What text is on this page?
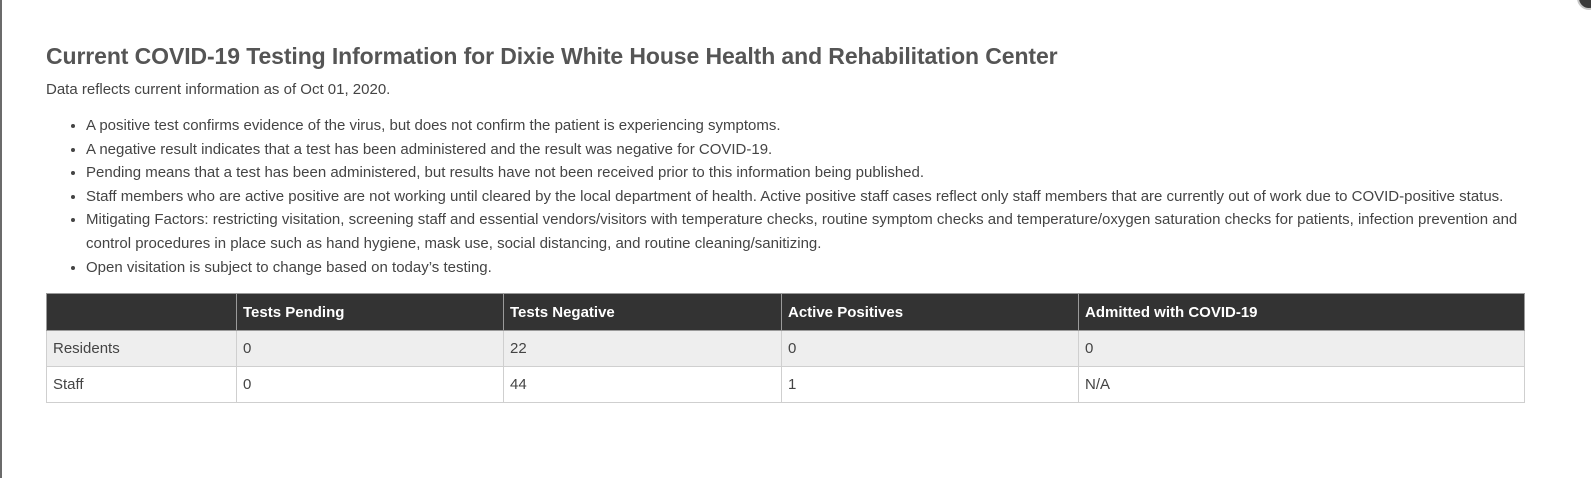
Current COVID-19 Testing Information for Dixie White House Health and Rehabilitation Center

Data reflects current information as of Oct 01, 2020.

• A positive test confirms evidence of the virus, but does not confirm the patient is experiencing symptoms.
• A negative result indicates that a test has been administered and the result was negative for COVID-19.
• Pending means that a test has been administered, but results have not been received prior to this information being published.
• Staff members who are active positive are not working until cleared by the local department of health. Active positive staff cases reflect only staff members that are currently out of work due to COVID-positive status.
• Mitigating Factors: restricting visitation, screening staff and essential vendors/visitors with temperature checks, routine symptom checks and temperature/oxygen saturation checks for patients, infection prevention and control procedures in place such as hand hygiene, mask use, social distancing, and routine cleaning/sanitizing.
• Open visitation is subject to change based on today’s testing.
	Tests Pending	Tests Negative	Active Positives	Admitted with COVID-19
Residents	0	22	0	0
Staff	0	44	1	N/A
